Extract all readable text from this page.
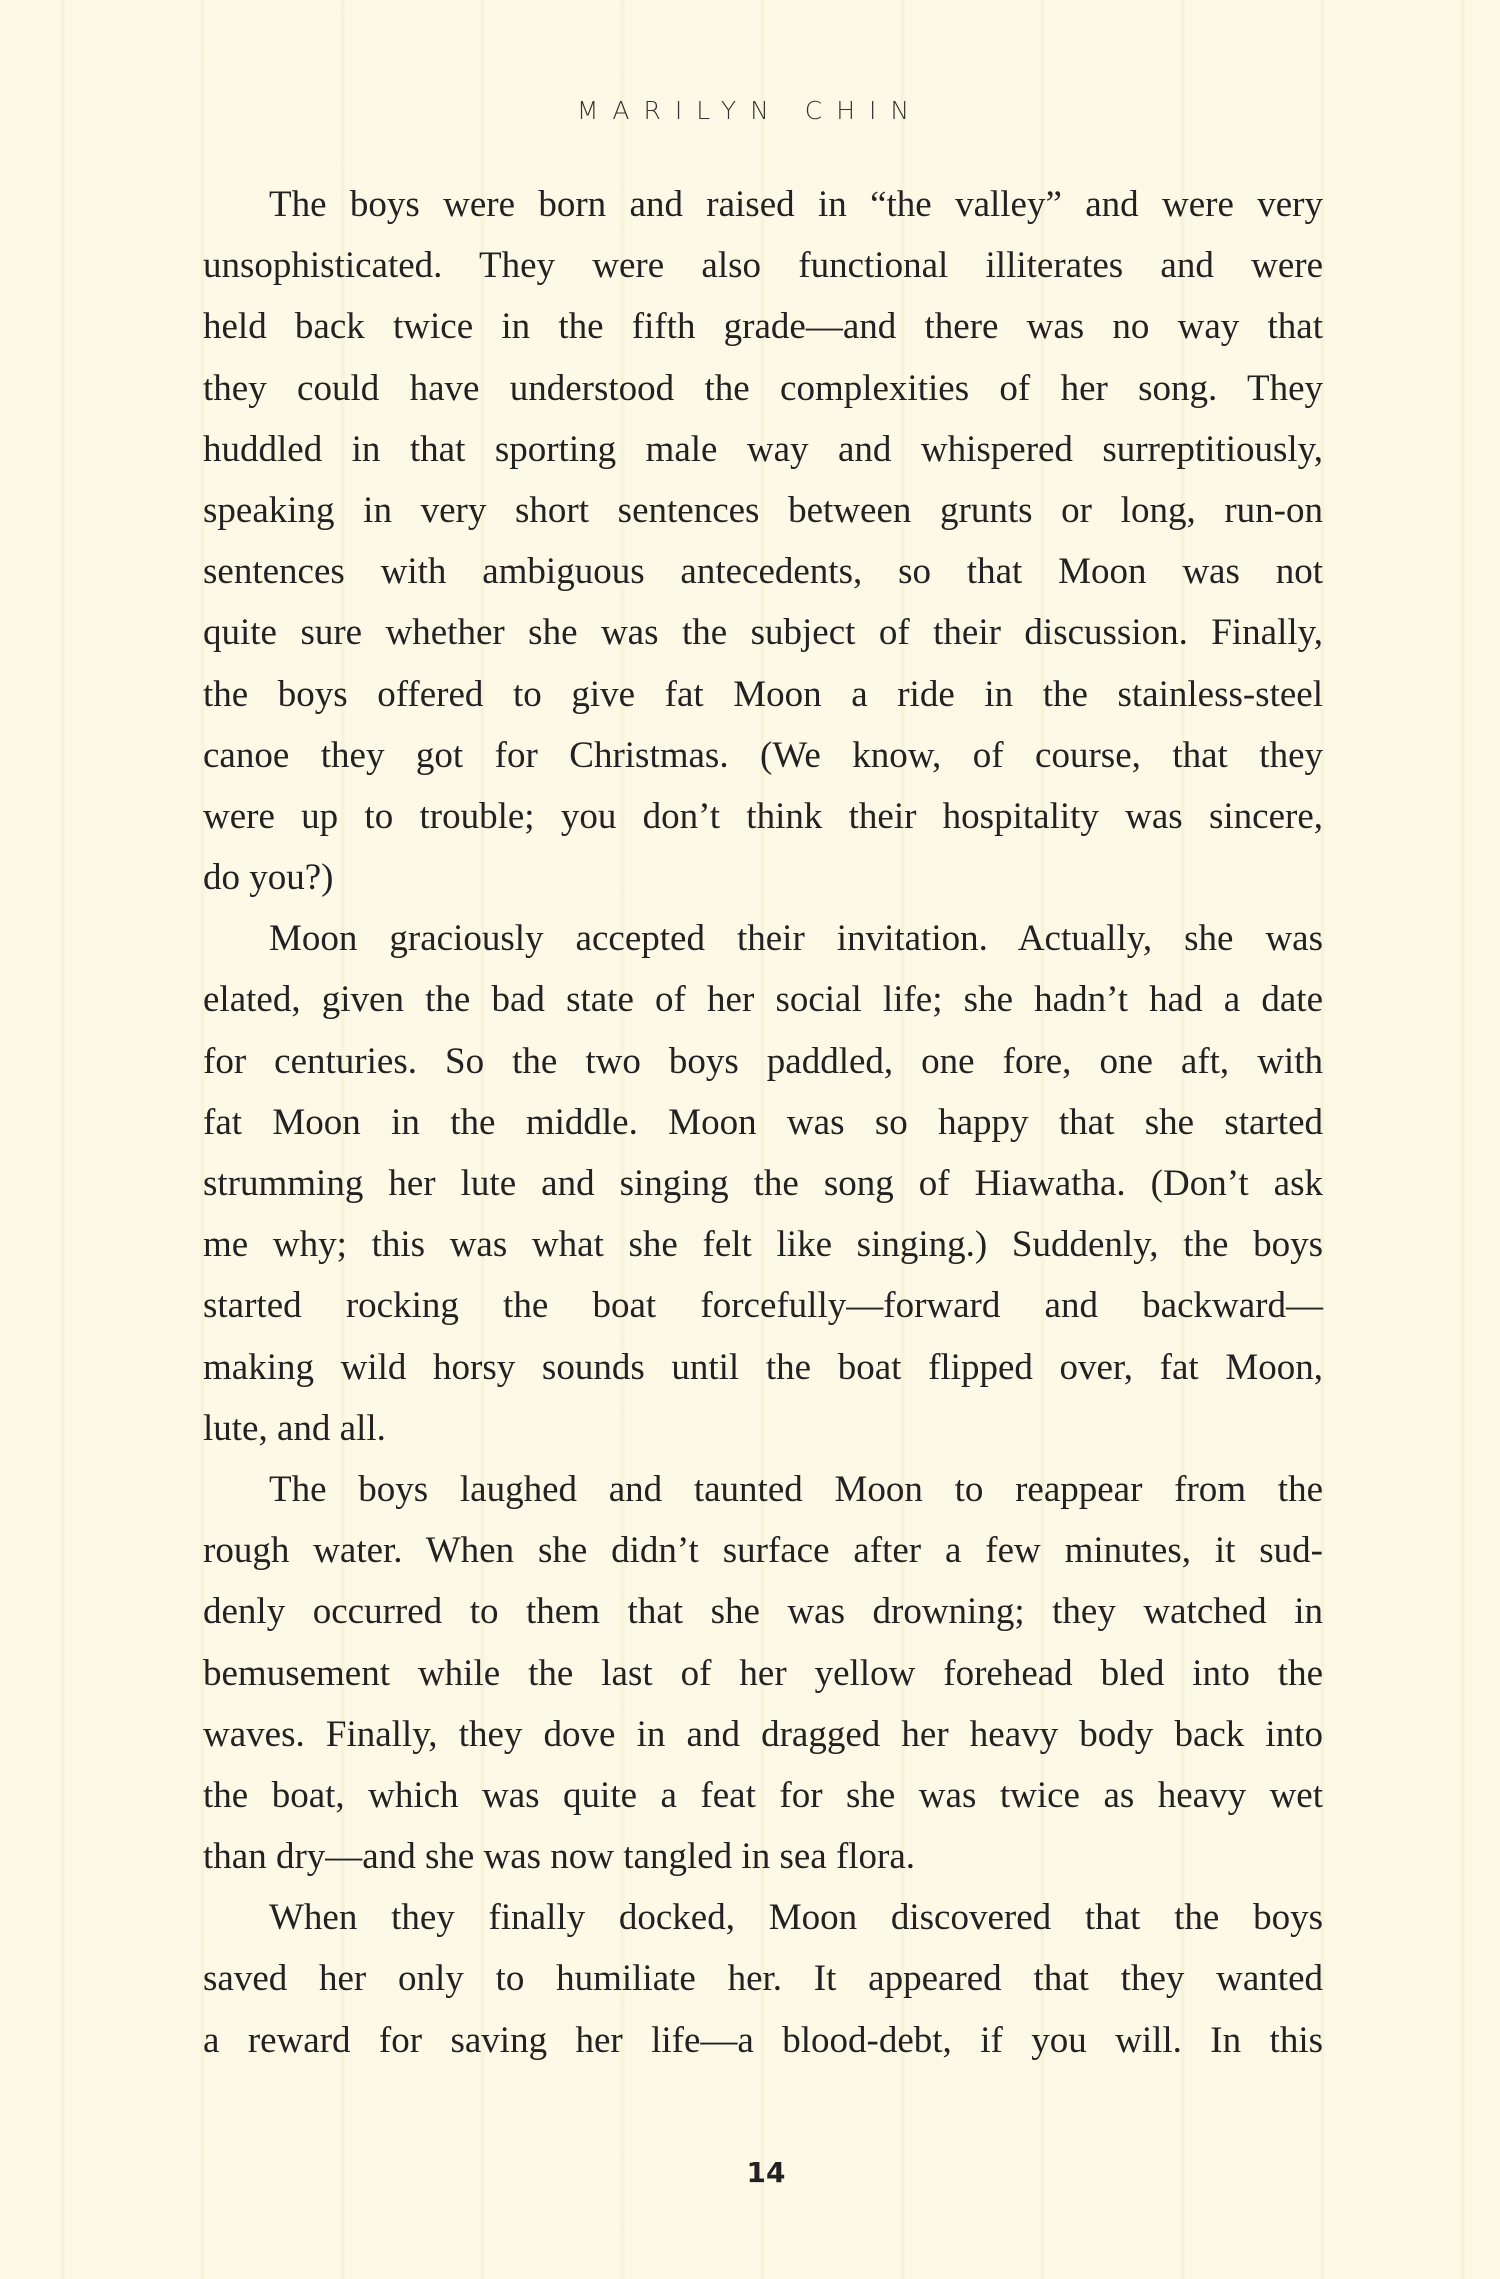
MARILYN CHIN
The boys were born and raised in “the valley” and were very
unsophisticated. They were also functional illiterates and were
held back twice in the fifth grade—and there was no way that
they could have understood the complexities of her song. They
huddled in that sporting male way and whispered surreptitiously,
speaking in very short sentences between grunts or long, run-on
sentences with ambiguous antecedents, so that Moon was not
quite sure whether she was the subject of their discussion. Finally,
the boys offered to give fat Moon a ride in the stainless-steel
canoe they got for Christmas. (We know, of course, that they
were up to trouble; you don’t think their hospitality was sincere,
do you?)
Moon graciously accepted their invitation. Actually, she was
elated, given the bad state of her social life; she hadn’t had a date
for centuries. So the two boys paddled, one fore, one aft, with
fat Moon in the middle. Moon was so happy that she started
strumming her lute and singing the song of Hiawatha. (Don’t ask
me why; this was what she felt like singing.) Suddenly, the boys
started rocking the boat forcefully—forward and backward—
making wild horsy sounds until the boat flipped over, fat Moon,
lute, and all.
The boys laughed and taunted Moon to reappear from the
rough water. When she didn’t surface after a few minutes, it sud-
denly occurred to them that she was drowning; they watched in
bemusement while the last of her yellow forehead bled into the
waves. Finally, they dove in and dragged her heavy body back into
the boat, which was quite a feat for she was twice as heavy wet
than dry—and she was now tangled in sea flora.
When they finally docked, Moon discovered that the boys
saved her only to humiliate her. It appeared that they wanted
a reward for saving her life—a blood-debt, if you will. In this
14
